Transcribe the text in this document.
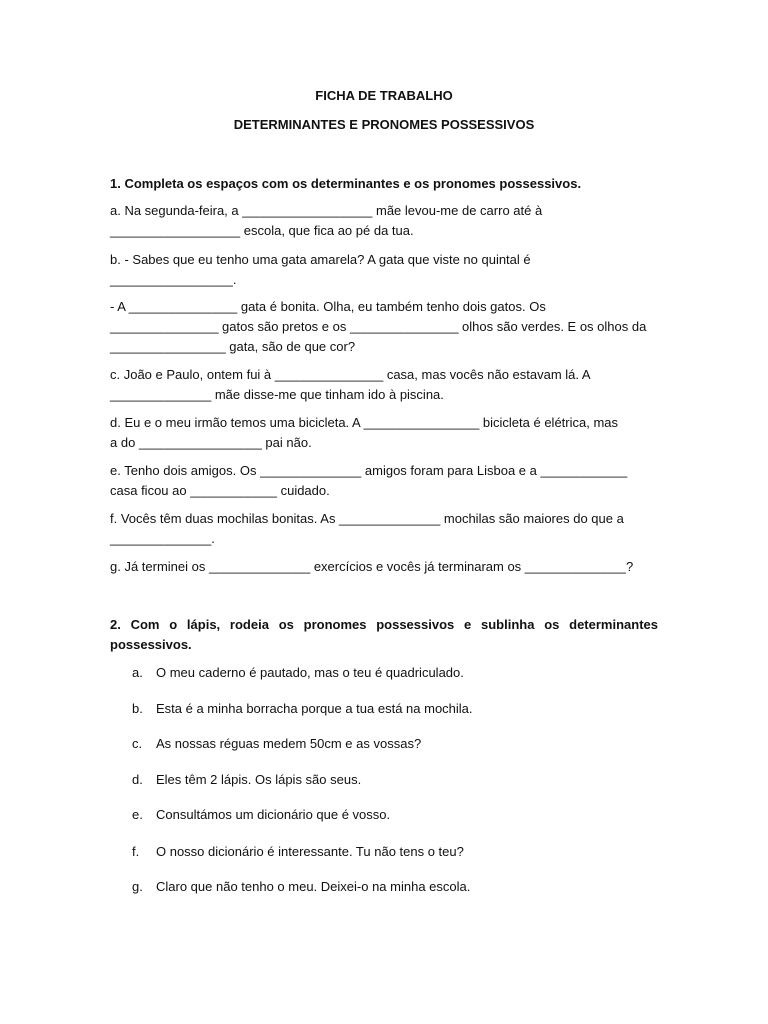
FICHA DE TRABALHO
DETERMINANTES E PRONOMES POSSESSIVOS
1. Completa os espaços com os determinantes e os pronomes possessivos.
a. Na segunda-feira, a __________________ mãe levou-me de carro até à
__________________ escola, que fica ao pé da tua.
b. - Sabes que eu tenho uma gata amarela? A gata que viste no quintal é
_________________.
- A _______________ gata é bonita. Olha, eu também tenho dois gatos. Os
_______________ gatos são pretos e os _______________ olhos são verdes. E os olhos da
________________ gata, são de que cor?
c. João e Paulo, ontem fui à _______________ casa, mas vocês não estavam lá. A
______________ mãe disse-me que tinham ido à piscina.
d. Eu e o meu irmão temos uma bicicleta. A ________________ bicicleta é elétrica, mas
a do _________________ pai não.
e. Tenho dois amigos. Os ______________ amigos foram para Lisboa e a ____________
casa ficou ao ____________ cuidado.
f. Vocês têm duas mochilas bonitas. As ______________ mochilas são maiores do que a
______________.
g. Já terminei os ______________ exercícios e vocês já terminaram os ______________?
2. Com o lápis, rodeia os pronomes possessivos e sublinha os determinantes possessivos.
a. O meu caderno é pautado, mas o teu é quadriculado.
b. Esta é a minha borracha porque a tua está na mochila.
c. As nossas réguas medem 50cm e as vossas?
d. Eles têm 2 lápis. Os lápis são seus.
e. Consultámos um dicionário que é vosso.
f. O nosso dicionário é interessante. Tu não tens o teu?
g. Claro que não tenho o meu. Deixei-o na minha escola.
